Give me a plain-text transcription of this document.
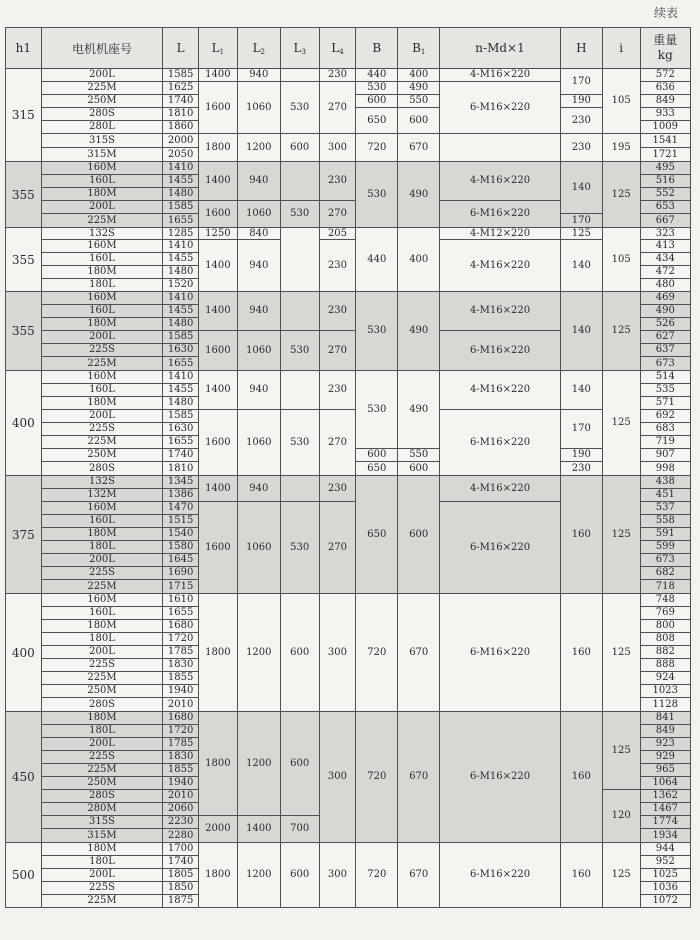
续表
h1	电机机座号	L	$L_1$	$L_2$	$L_3$	$L_4$	B	$B_1$	n-Md×1	H	i	重量
kg
315	200L	1585	1400	940		230	440	400	4-M16×220	170	105	572
	225M	1625	1600	1060	530	270	530	490	6-M16×220			636
	250M	1740					600	550		190		849
	280S	1810					650	600		230		933
	280L	1860										1009
	315S	2000	1800	1200	600	300	720	670		230	195	1541
	315M	2050										1721
355	160M	1410	1400	940		230	530	490	4-M16×220	140	125	495
	160L	1455										516
	180M	1480										552
	200L	1585	1600	1060	530	270			6-M16×220			653
	225M	1655								170		667
355	132S	1285	1250	840		205	440	400	4-M12×220	125	105	323
	160M	1410	1400	940		230			4-M16×220	140		413
	160L	1455										434
	180M	1480										472
	180L	1520										480
355	160M	1410	1400	940		230	530	490	4-M16×220	140	125	469
	160L	1455										490
	180M	1480										526
	200L	1585	1600	1060	530	270			6-M16×220			627
	225S	1630										637
	225M	1655										673
400	160M	1410	1400	940		230	530	490	4-M16×220	140	125	514
	160L	1455										535
	180M	1480										571
	200L	1585	1600	1060	530	270			6-M16×220	170		692
	225S	1630										683
	225M	1655										719
	250M	1740					600	550		190		907
	280S	1810					650	600		230		998
375	132S	1345	1400	940		230	650	600	4-M16×220	160	125	438
	132M	1386										451
	160M	1470	1600	1060	530	270			6-M16×220			537
	160L	1515										558
	180M	1540										591
	180L	1580										599
	200L	1645										673
	225S	1690										682
	225M	1715										718
400	160M	1610	1800	1200	600	300	720	670	6-M16×220	160	125	748
	160L	1655										769
	180M	1680										800
	180L	1720										808
	200L	1785										882
	225S	1830										888
	225M	1855										924
	250M	1940										1023
	280S	2010										1128
450	180M	1680	1800	1200	600	300	720	670	6-M16×220	160	125	841
	180L	1720										849
	200L	1785										923
	225S	1830										929
	225M	1855										965
	250M	1940										1064
	280S	2010									120	1362
	280M	2060										1467
	315S	2230	2000	1400	700							1774
	315M	2280										1934
500	180M	1700	1800	1200	600	300	720	670	6-M16×220	160	125	944
	180L	1740										952
	200L	1805										1025
	225S	1850										1036
	225M	1875										1072
